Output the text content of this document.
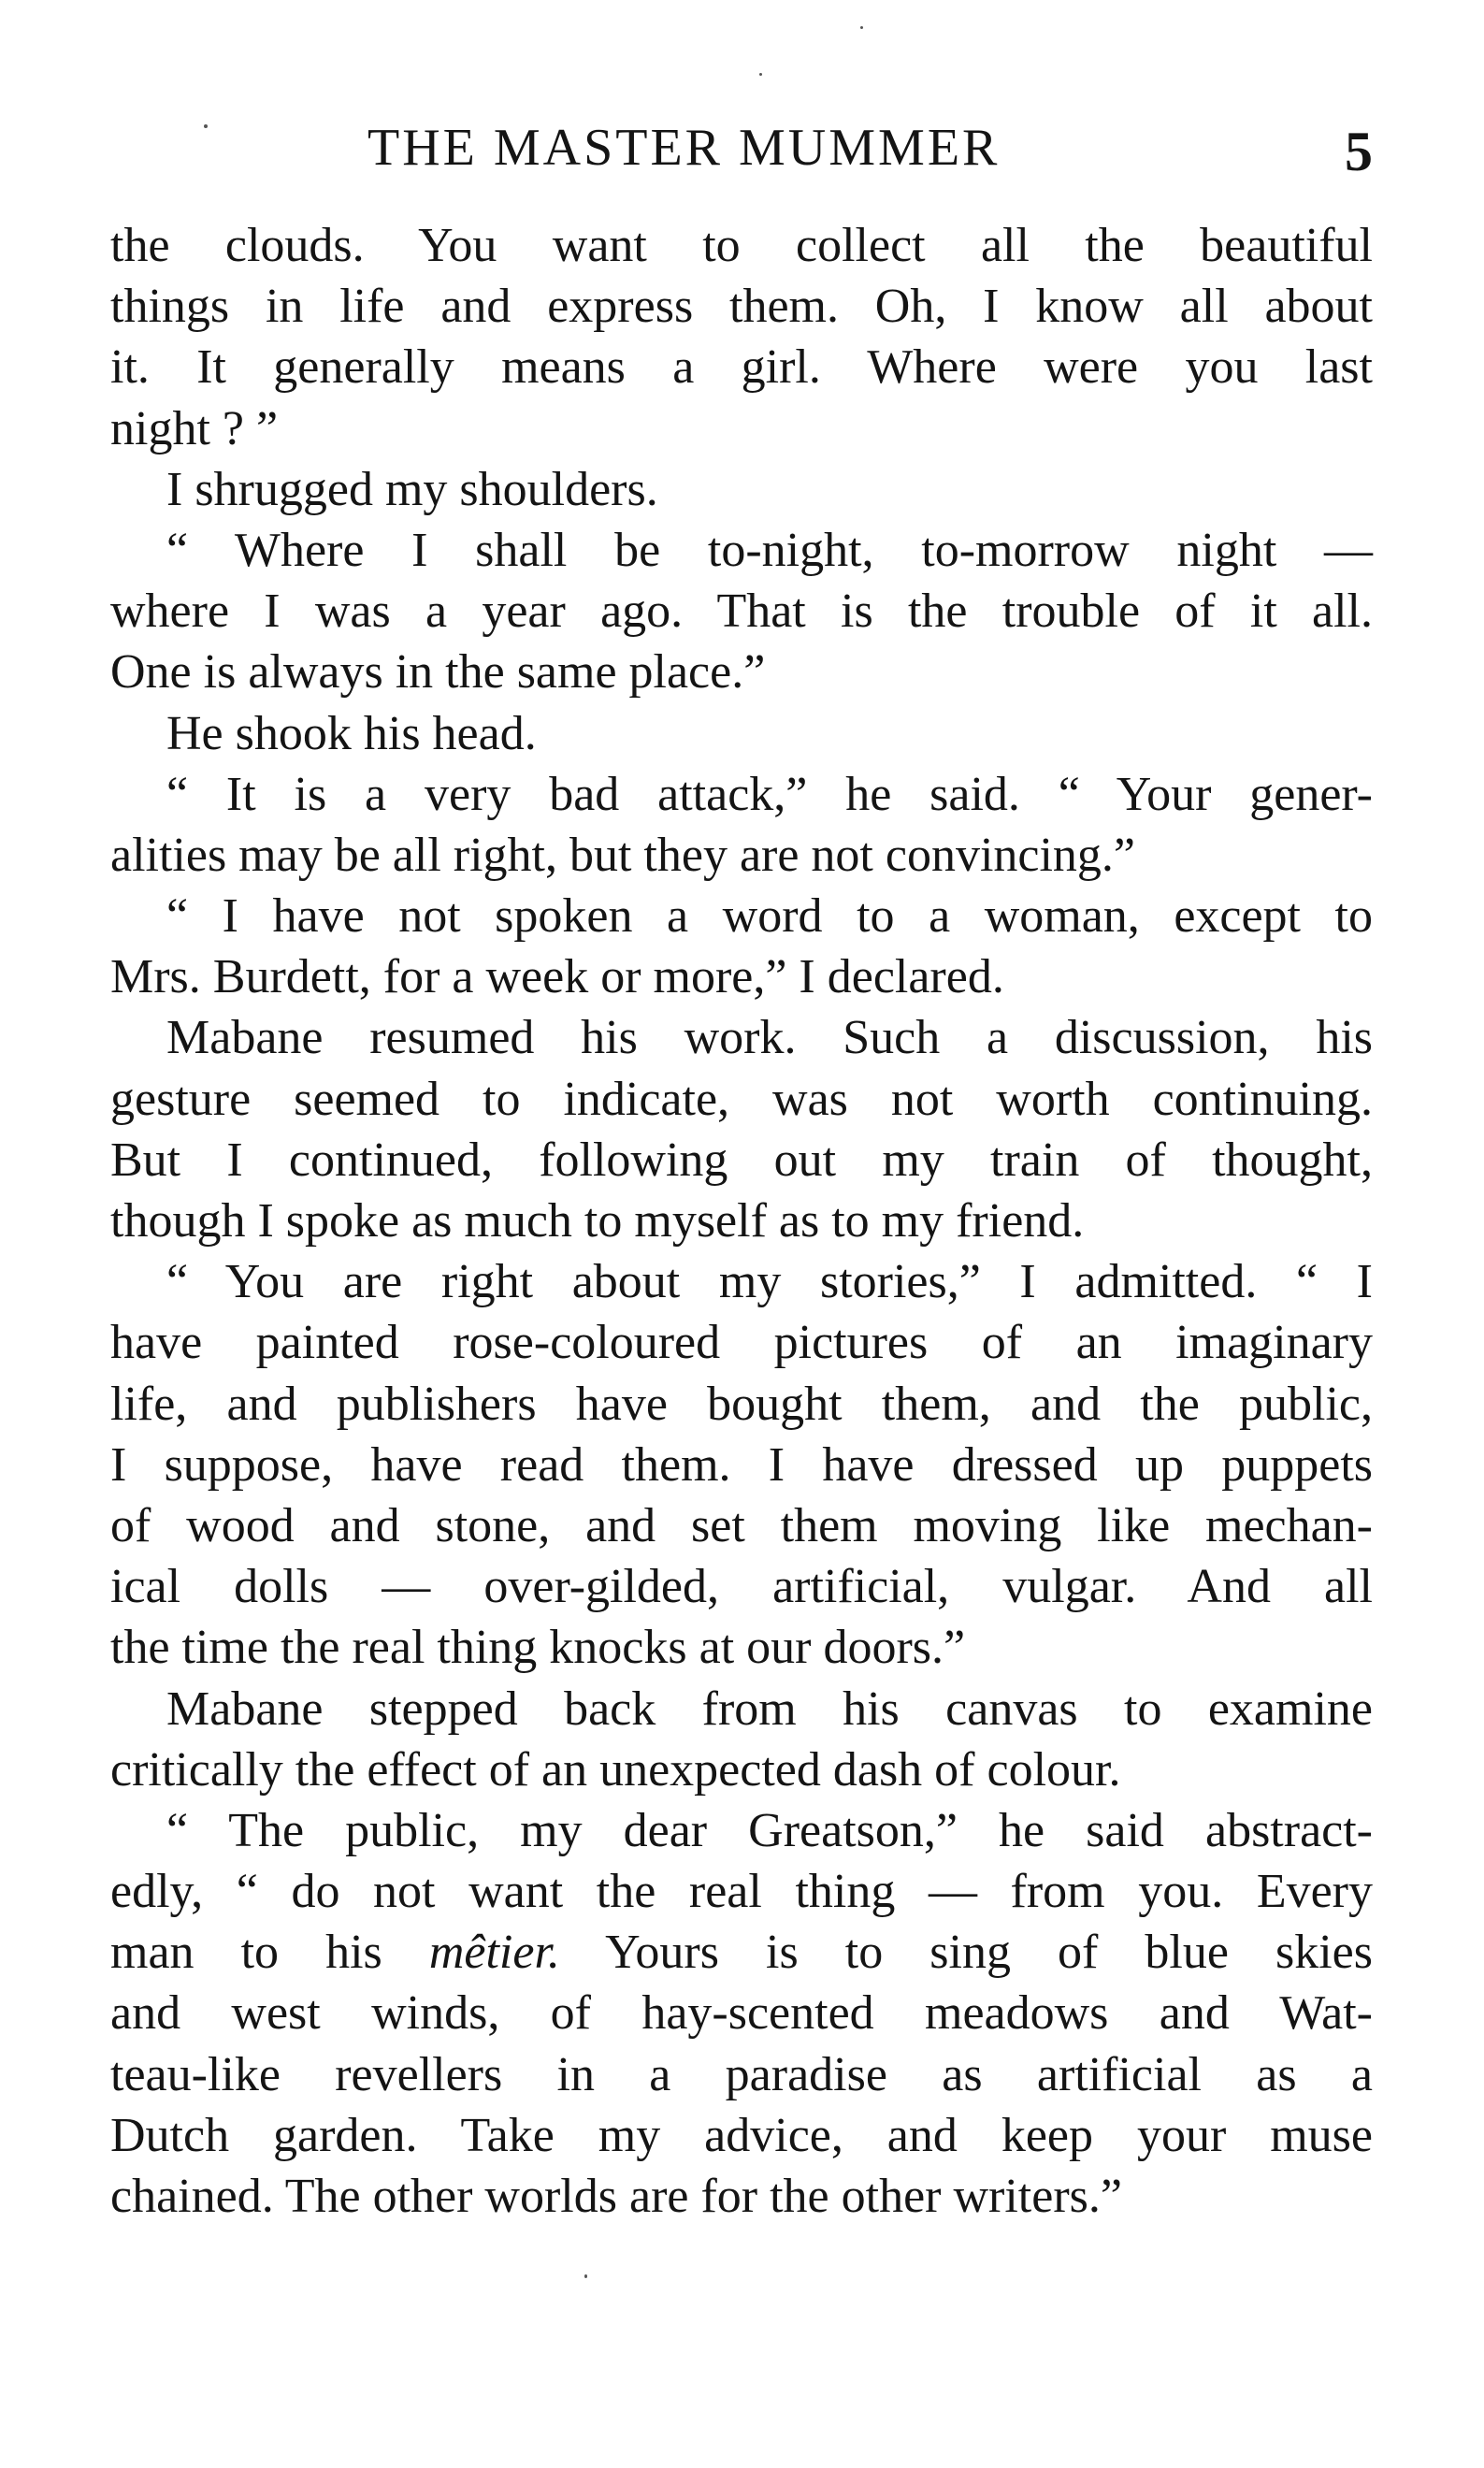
THE MASTER MUMMER	5
the clouds. You want to collect all the beautiful
things in life and express them. Oh, I know all about
it. It generally means a girl. Where were you last
night ? ”
I shrugged my shoulders.
“ Where I shall be to-night, to-morrow night —
where I was a year ago. That is the trouble of it all.
One is always in the same place.”
He shook his head.
“ It is a very bad attack,” he said. “ Your gener-
alities may be all right, but they are not convincing.”
“ I have not spoken a word to a woman, except to
Mrs. Burdett, for a week or more,” I declared.
Mabane resumed his work. Such a discussion, his
gesture seemed to indicate, was not worth continuing.
But I continued, following out my train of thought,
though I spoke as much to myself as to my friend.
“ You are right about my stories,” I admitted. “ I
have painted rose-coloured pictures of an imaginary
life, and publishers have bought them, and the public,
I suppose, have read them. I have dressed up puppets
of wood and stone, and set them moving like mechan-
ical dolls — over-gilded, artificial, vulgar. And all
the time the real thing knocks at our doors.”
Mabane stepped back from his canvas to examine
critically the effect of an unexpected dash of colour.
“ The public, my dear Greatson,” he said abstract-
edly, “ do not want the real thing — from you. Every
man to his mêtier. Yours is to sing of blue skies
and west winds, of hay-scented meadows and Wat-
teau-like revellers in a paradise as artificial as a
Dutch garden. Take my advice, and keep your muse
chained. The other worlds are for the other writers.”
